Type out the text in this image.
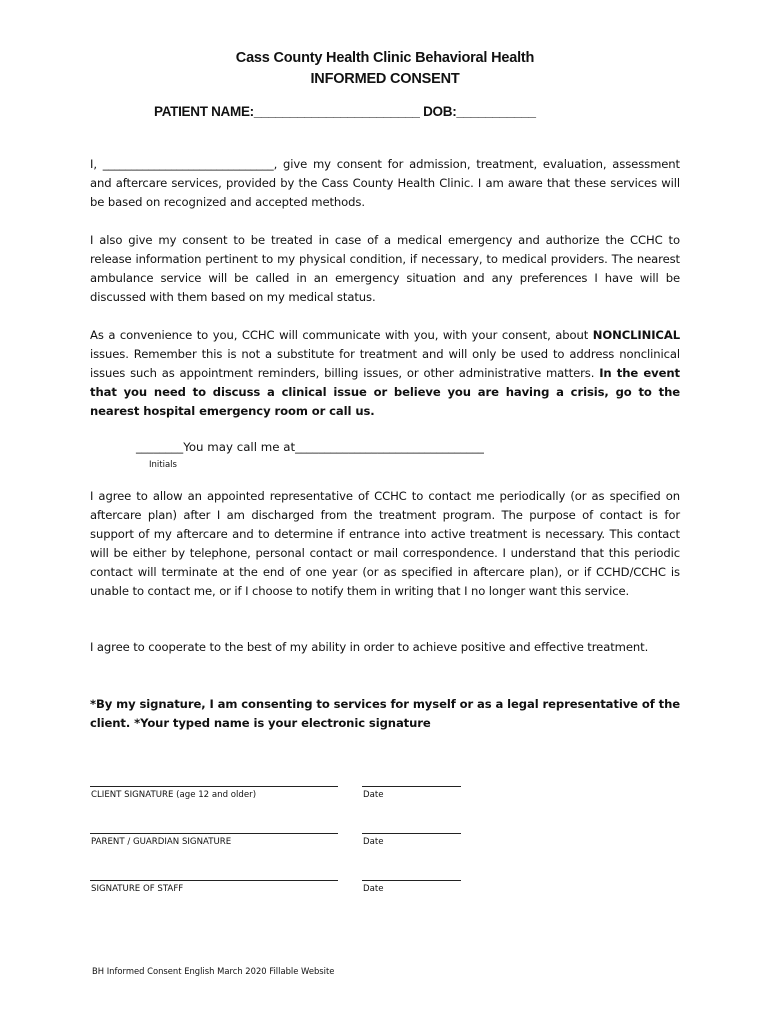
Cass County Health Clinic Behavioral Health
INFORMED CONSENT
PATIENT NAME:_______________________ DOB:___________
I, ______________________________, give my consent for admission, treatment, evaluation, assessment and aftercare services, provided by the Cass County Health Clinic. I am aware that these services will be based on recognized and accepted methods.
I also give my consent to be treated in case of a medical emergency and authorize the CCHC to release information pertinent to my physical condition, if necessary, to medical providers. The nearest ambulance service will be called in an emergency situation and any preferences I have will be discussed with them based on my medical status.
As a convenience to you, CCHC will communicate with you, with your consent, about NONCLINICAL issues. Remember this is not a substitute for treatment and will only be used to address nonclinical issues such as appointment reminders, billing issues, or other administrative matters. In the event that you need to discuss a clinical issue or believe you are having a crisis, go to the nearest hospital emergency room or call us.
________You may call me at________________________________
Initials
I agree to allow an appointed representative of CCHC to contact me periodically (or as specified on aftercare plan) after I am discharged from the treatment program. The purpose of contact is for support of my aftercare and to determine if entrance into active treatment is necessary. This contact will be either by telephone, personal contact or mail correspondence. I understand that this periodic contact will terminate at the end of one year (or as specified in aftercare plan), or if CCHD/CCHC is unable to contact me, or if I choose to notify them in writing that I no longer want this service.
I agree to cooperate to the best of my ability in order to achieve positive and effective treatment.
*By my signature, I am consenting to services for myself or as a legal representative of the client. *Your typed name is your electronic signature
CLIENT SIGNATURE (age 12 and older)	Date
PARENT / GUARDIAN SIGNATURE	Date
SIGNATURE OF STAFF	Date
BH Informed Consent English March 2020 Fillable Website
